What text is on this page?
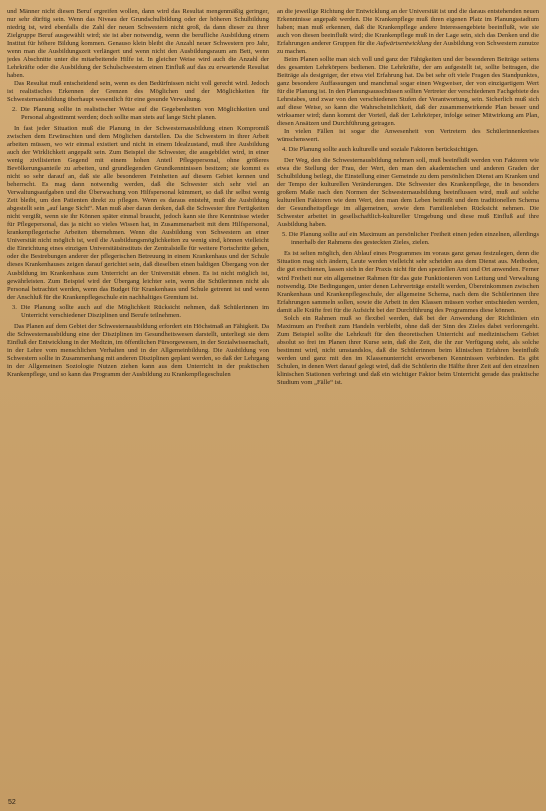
und Männer nicht diesen Beruf ergreifen wollen, dann wird das Resultat mengenmäßig geringer, nur sehr dürftig sein. Wenn das Niveau der Grundschulbildung oder der höheren Schulbildung niedrig ist, wird ebenfalls die Zahl der neuen Schwestern nicht groß, da dann dieser zu ihrer Zielgruppe Beruf ausgewählt wird; sie ist aber notwendig, wenn die berufliche Ausbildung einem Institut für höhere Bildung kommen. Genauso klein bleibt die Anzahl neuer Schwestern pro Jahr, wenn man die Ausbildungszeit verlängert und wenn nicht den Ausbildungsraum am Bett, wenn jedes Abschnitte unter die mitarbeitende Hilfe ist. In gleicher Weise wird auch die Anzahl der Lehrkräfte oder die Ausbildung der Schulschwestern einen Einfluß auf das zu erwartende Resultat haben.

Das Resultat muß entscheidend sein, wenn es den Bedürfnissen nicht voll gerecht wird. Jedoch ist realistisches Erkennen der Grenzen des Möglichen und der Möglichkeiten für Schwesternausbildung überhaupt wesentlich für eine gesunde Verwaltung.

2. Die Planung sollte in realistischer Weise auf die Gegebenheiten von Möglichkeiten und Personal abgestimmt werden; doch sollte man stets auf lange Sicht planen.

In fast jeder Situation muß die Planung in der Schwesternausbildung einen Kompromiß zwischen dem Erwünschten und dem Möglichen darstellen. Da die Schwestern in ihrer Arbeit arbeiten müssen, wo wir einmal existiert und nicht in einem Idealzustand, muß ihre Ausbildung auch der Wirklichkeit angepaßt sein. Zum Beispiel die Schwester, die ausgebildet wird, in einer wenig zivilisierten Gegend mit einem hohen Anteil Pflegepersonal, ohne größeres Bevölkerungsanteile zu arbeiten, und grundlegenden Grundkenntnissen besitzen; sie kommt es nicht so sehr darauf an, daß sie alle besonderen Feinheiten auf diesem Gebiet kennen und beherrscht. Es mag dann notwendig werden, daß die Schwester sich sehr viel an Verwaltungsaufgaben und die Überwachung von Hilfspersonal kümmert, so daß ihr selbst wenig Zeit bleibt, um den Patienten direkt zu pflegen. Wenn es daraus entsteht, muß die Ausbildung abgestellt sein „auf lange Sicht“. Man muß aber daran denken, daß die Schwester ihre Fertigkeiten nicht vergißt, wenn sie ihr Können später einmal braucht, jedoch kann sie ihre Kenntnisse wieder für Pflegepersonal, das ja nicht so vieles Wissen hat, in Zusammenarbeit mit dem Hilfspersonal, krankenpflegerische Arbeiten übernehmen. Wenn die Ausbildung von Schwestern an einer Universität nicht möglich ist, weil die Ausbildungsmöglichkeiten zu wenig sind, können vielleicht die Einrichtung eines einzigen Universitätsinstituts der Zentralstelle für weitere Fortschritte gehen, oder die Bestrebungen anderer der pflegerischen Betreuung in einem Krankenhaus und der Schule dieses Krankenhauses zeigen darauf gerichtet sein, daß dieselben einen baldigen Übergang von der Ausbildung im Krankenhaus zum Unterricht an der Universität ebnen. Es ist nicht möglich ist, gewährleisten. Zum Beispiel wird der Übergang leichter sein, wenn die Schülerinnen nicht als Personal betrachtet werden, wenn das Budget für Krankenhaus und Schule getrennt ist und wenn der Anschluß für die Krankenpflegeschule ein nachhaltiges Gremium ist.

3. Die Planung sollte auch auf die Möglichkeit Rücksicht nehmen, daß Schülerinnen im Unterricht verschiedener Disziplinen und Berufe teilnehmen.

Das Planen auf dem Gebiet der Schwesternausbildung erfordert ein Höchstmaß an Fähigkeit. Da die Schwesternausbildung eine der Disziplinen im Gesundheitswesen darstellt, unterliegt sie dem Einfluß der Entwicklung in der Medizin, im öffentlichen Fürsorgewesen, in der Sozialwissenschaft, in der Lehre vom menschlichen Verhalten und in der Allgemeinbildung. Die Ausbildung von Schwestern sollte in Zusammenhang mit anderen Disziplinen geplant werden, so daß der Lehrgang in der Allgemeinen Soziologie Nutzen ziehen kann aus dem Unterricht in der praktischen Krankenpflege, und so kann das Programm der Ausbildung zu Krankenpflegeschulen

an die jeweilige Richtung der Entwicklung an der Universität ist und die daraus entstehenden neuen Erkenntnisse angepaßt werden. Die Krankenpflege muß ihren eigenen Platz im Planungsstadium haben; man muß erkennen, daß die Krankenpflege andere Interessengebiete beeinflußt, wie sie auch von diesen beeinflußt wird; die Krankenpflege muß in der Lage sein, sich das Denken und die Erfahrungen anderer Gruppen für die Aufwärtsentwicklung der Ausbildung von Schwestern zunutze zu machen.

Beim Planen sollte man sich voll und ganz der Fähigkeiten und der besonderen Beiträge seitens des gesamten Lehrkörpers bedienen. Die Lehrkräfte, der am aufgestellt ist, sollte beitragen, die Beiträge als designiger, der etwa viel Erfahrung hat. Da bei sehr oft viele Fragen des Standpunktes, ganz besondere Auffassungen und manchmal sogar einen Wegweiser, der von einzigartigem Wert für die Planung ist. In den Planungsausschüssen sollten Vertreter der verschiedenen Fachgebiete des Lehrstabes, und zwar von den verschiedenen Stufen der Verantwortung, sein. Sicherlich muß sich auf diese Weise, so kann die Wahrscheinlichkeit, daß der zusammenwirkende Plan besser und wirksamer wird; dann kommt der Vorteil, daß der Lehrkörper, infolge seiner Mitwirkung am Plan, diesen Ansätzen und Durchführung getragen.

In vielen Fällen ist sogar die Anwesenheit von Vertretern des Schülerinnenkreises wünschenswert.

4. Die Planung sollte auch kulturelle und soziale Faktoren berücksichtigen.

Der Weg, den die Schwesternausbildung nehmen soll, muß beeinflußt werden von Faktoren wie etwa die Stellung der Frau, der Wert, den man den akademischen und anderen Graden der Schulbildung beilegt, die Einstellung einer Gemeinde zu dem persönlichen Dienst am Kranken und der Tempo der kulturellen Veränderungen. Die Schwester des Krankenpflege, die in besonders großem Maße nach den Normen der Schwesternausbildung beeinflussen wird, muß auf solche kulturellen Faktoren wie dem Wert, den man dem Leben beimißt und dem traditionellen Schema der Gesundheitspflege im allgemeinen, sowie dem Familienleben Rücksicht nehmen. Die Schwester arbeitet in gesellschaftlich-kultureller Umgebung und diese muß Einfluß auf ihre Ausbildung haben.

5. Die Planung sollte auf ein Maximum an persönlicher Freiheit einen jeden einzelnen, allerdings innerhalb der Rahmens des gesteckten Zieles, zielen.

Es ist selten möglich, den Ablauf eines Programmes im voraus ganz genau festzulegen, denn die Situation mag sich ändern, Leute werden vielleicht sehr scheiden aus dem Dienst aus. Methoden, die gut erschienen, lassen sich in der Praxis nicht für den speziellen Amt und Ort anwenden. Ferner wird Freiheit nur ein allgemeiner Rahmen für das gute Funktionieren von Leitung und Verwaltung notwendig. Die Bedingungen, unter denen Lehrverträge erstellt werden, Übereinkommen zwischen Krankenhaus und Krankenpflegeschule, der allgemeine Schema, nach dem die Schülerinnen ihre Erfahrungen sammeln sollen, sowie die Arbeit in den Klassen müssen vorher entschieden werden, damit alle Kräfte frei für die Aufsicht bei der Durchführung des Programmes diese können.

Solch ein Rahmen muß so flexibel werden, daß bei der Anwendung der Richtlinien ein Maximum an Freiheit zum Handeln verbleibt, ohne daß der Sinn des Zieles dabei verlorengeht. Zum Beispiel sollte die Lehrkraft für den theoretischen Unterricht auf medizinischem Gebiet absolut so frei im Planen ihrer Kurse sein, daß die Zeit, die ihr zur Verfügung steht, als solche bestimmt wird, nicht umstandslos, daß die Schülerinnen beim klinischen Erfahren beeinflußt werden und ganz mit den im Klassenunterricht erworbenen Kenntnissen verbinden. Es gibt Schulen, in denen Wert darauf gelegt wird, daß die Schülerin die Hälfte ihrer Zeit auf den einzelnen klinischen Stationen verbringt und daß ein wichtiger Faktor beim Unterricht gerade das praktische Studium vom „Fälle“ ist.

52
